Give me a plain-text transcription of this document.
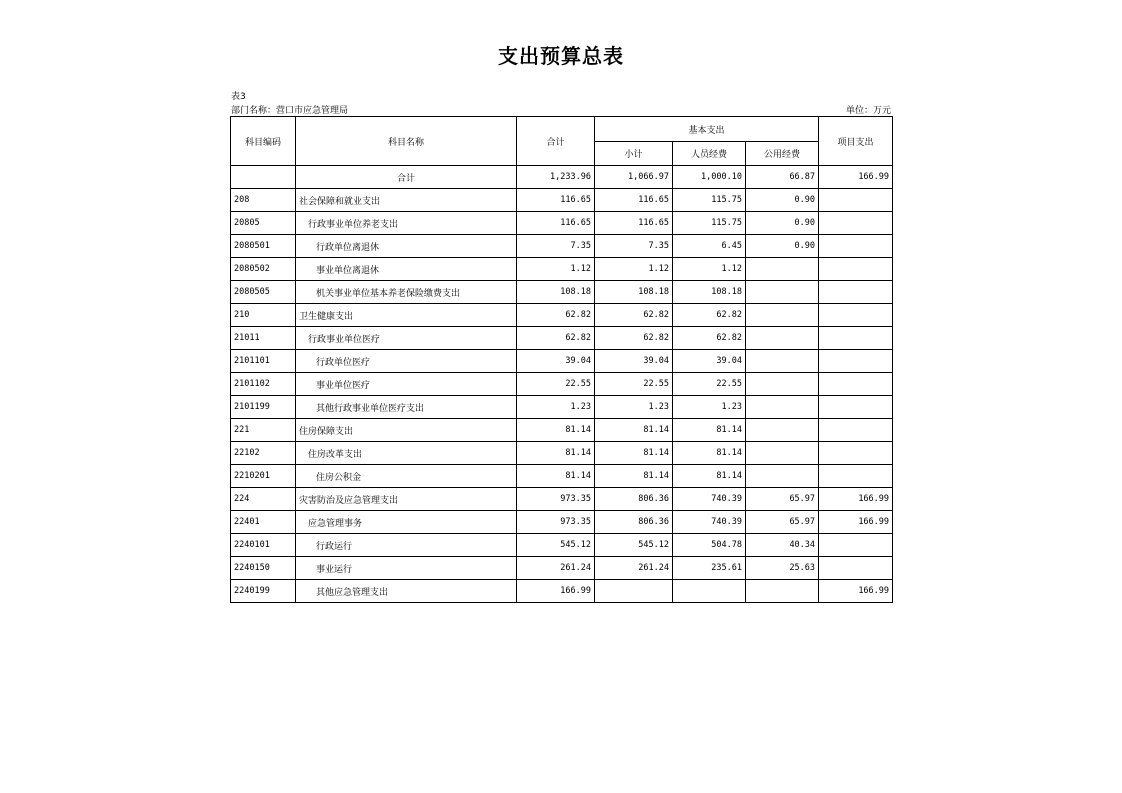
支出预算总表
表3
部门名称：营口市应急管理局	单位：万元
科目编码	科目名称	合计	基本支出			项目支出
			小计	人员经费	公用经费	
	合计	1,233.96	1,066.97	1,000.10	66.87	166.99
208	社会保障和就业支出	116.65	116.65	115.75	0.90	
20805	行政事业单位养老支出	116.65	116.65	115.75	0.90	
2080501	行政单位离退休	7.35	7.35	6.45	0.90	
2080502	事业单位离退休	1.12	1.12	1.12		
2080505	机关事业单位基本养老保险缴费支出	108.18	108.18	108.18		
210	卫生健康支出	62.82	62.82	62.82		
21011	行政事业单位医疗	62.82	62.82	62.82		
2101101	行政单位医疗	39.04	39.04	39.04		
2101102	事业单位医疗	22.55	22.55	22.55		
2101199	其他行政事业单位医疗支出	1.23	1.23	1.23		
221	住房保障支出	81.14	81.14	81.14		
22102	住房改革支出	81.14	81.14	81.14		
2210201	住房公积金	81.14	81.14	81.14		
224	灾害防治及应急管理支出	973.35	806.36	740.39	65.97	166.99
22401	应急管理事务	973.35	806.36	740.39	65.97	166.99
2240101	行政运行	545.12	545.12	504.78	40.34	
2240150	事业运行	261.24	261.24	235.61	25.63	
2240199	其他应急管理支出	166.99				166.99
